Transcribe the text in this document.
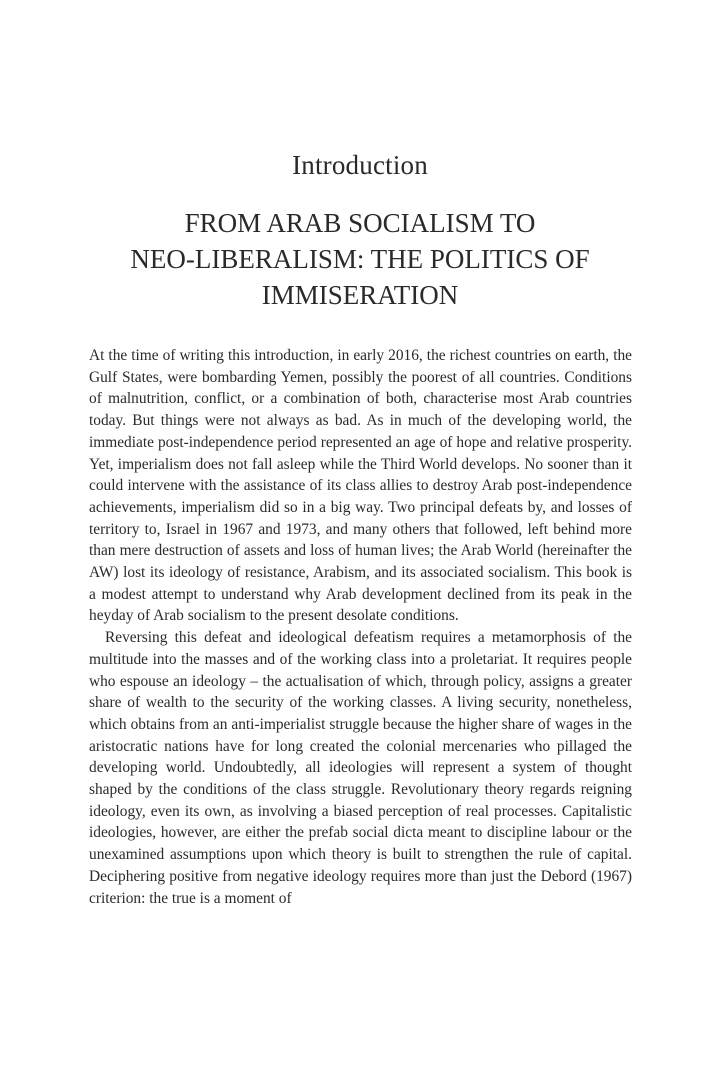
Introduction
FROM ARAB SOCIALISM TO
NEO-LIBERALISM: THE POLITICS OF
IMMISERATION

At the time of writing this introduction, in early 2016, the richest countries on earth, the Gulf States, were bombarding Yemen, possibly the poorest of all countries. Conditions of malnutrition, conflict, or a combination of both, characterise most Arab countries today. But things were not always as bad. As in much of the developing world, the immediate post-independence period represented an age of hope and relative prosperity. Yet, imperialism does not fall asleep while the Third World develops. No sooner than it could intervene with the assistance of its class allies to destroy Arab post-independence achievements, imperialism did so in a big way. Two principal defeats by, and losses of territory to, Israel in 1967 and 1973, and many others that followed, left behind more than mere destruction of assets and loss of human lives; the Arab World (hereinafter the AW) lost its ideology of resistance, Arabism, and its associated socialism. This book is a modest attempt to understand why Arab development declined from its peak in the heyday of Arab socialism to the present desolate conditions.

Reversing this defeat and ideological defeatism requires a metamorphosis of the multitude into the masses and of the working class into a proletariat. It requires people who espouse an ideology – the actualisation of which, through policy, assigns a greater share of wealth to the security of the working classes. A living security, nonetheless, which obtains from an anti-imperialist struggle because the higher share of wages in the aristocratic nations have for long created the colonial mercenaries who pillaged the developing world. Undoubtedly, all ideologies will represent a system of thought shaped by the conditions of the class struggle. Revolutionary theory regards reigning ideology, even its own, as involving a biased perception of real processes. Capitalistic ideologies, however, are either the prefab social dicta meant to discipline labour or the unexamined assumptions upon which theory is built to strengthen the rule of capital. Deciphering positive from negative ideology requires more than just the Debord (1967) criterion: the true is a moment of
